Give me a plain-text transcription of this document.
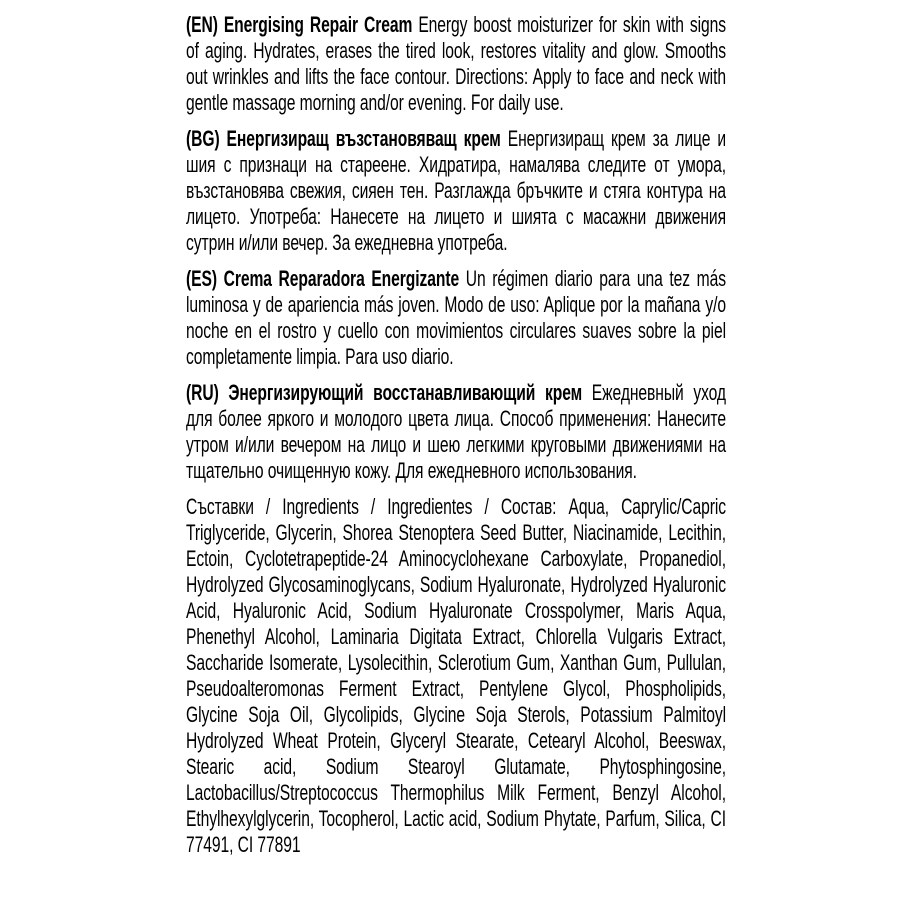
(EN) Energising Repair Cream Energy boost moisturizer for skin with signs of aging. Hydrates, erases the tired look, restores vitality and glow. Smooths out wrinkles and lifts the face contour. Directions: Apply to face and neck with gentle massage morning and/or evening. For daily use.

(BG) Енергизиращ възстановяващ крем Енергизиращ крем за лице и шия с признаци на стареене. Хидратира, намалява следите от умора, възстановява свежия, сияен тен. Разглажда бръчките и стяга контура на лицето. Употреба: Нанесете на лицето и шията с масажни движения сутрин и/или вечер. За ежедневна употреба.

(ES) Crema Reparadora Energizante Un régimen diario para una tez más luminosa y de apariencia más joven. Modo de uso: Aplique por la mañana y/o noche en el rostro y cuello con movimientos circulares suaves sobre la piel completamente limpia. Para uso diario.

(RU) Энергизирующий восстанавливающий крем Ежедневный уход для более яркого и молодого цвета лица. Способ применения: Нанесите утром и/или вечером на лицо и шею легкими круговыми движениями на тщательно очищенную кожу. Для ежедневного использования.

Съставки / Ingredients / Ingredientes / Состав: Aqua, Caprylic/Capric Triglyceride, Glycerin, Shorea Stenoptera Seed Butter, Niacinamide, Lecithin, Ectoin, Cyclotetrapeptide-24 Aminocyclohexane Carboxylate, Propanediol, Hydrolyzed Glycosaminoglycans, Sodium Hyaluronate, Hydrolyzed Hyaluronic Acid, Hyaluronic Acid, Sodium Hyaluronate Crosspolymer, Maris Aqua, Phenethyl Alcohol, Laminaria Digitata Extract, Chlorella Vulgaris Extract, Saccharide Isomerate, Lysolecithin, Sclerotium Gum, Xanthan Gum, Pullulan, Pseudoalteromonas Ferment Extract, Pentylene Glycol, Phospholipids, Glycine Soja Oil, Glycolipids, Glycine Soja Sterols, Potassium Palmitoyl Hydrolyzed Wheat Protein, Glyceryl Stearate, Cetearyl Alcohol, Beeswax, Stearic acid, Sodium Stearoyl Glutamate, Phytosphingosine, Lactobacillus/Streptococcus Thermophilus Milk Ferment, Benzyl Alcohol, Ethylhexylglycerin, Tocopherol, Lactic acid, Sodium Phytate, Parfum, Silica, CI 77491, CI 77891
